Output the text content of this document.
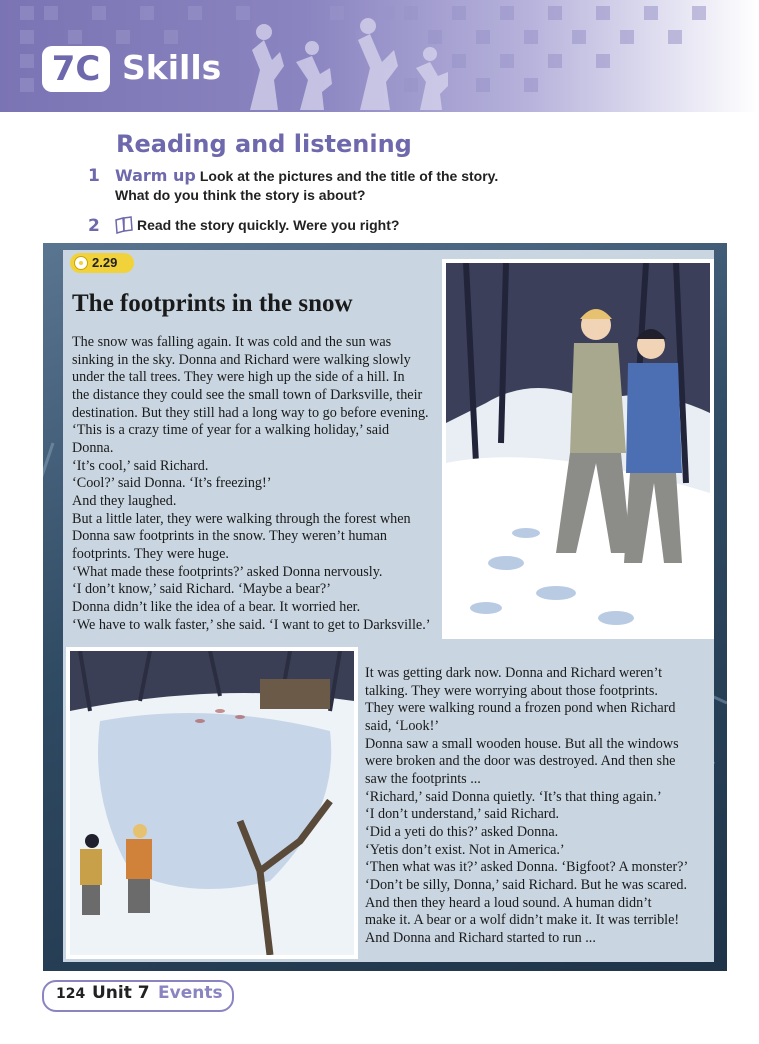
7C Skills
Reading and listening
1 Warm up Look at the pictures and the title of the story.
What do you think the story is about?
2	Read the story quickly. Were you right?
2.29
The footprints in the snow
The snow was falling again. It was cold and the sun was
sinking in the sky. Donna and Richard were walking slowly
under the tall trees. They were high up the side of a hill. In
the distance they could see the small town of Darksville, their
destination. But they still had a long way to go before evening.
‘This is a crazy time of year for a walking holiday,’ said
Donna.
‘It’s cool,’ said Richard.
‘Cool?’ said Donna. ‘It’s freezing!’
And they laughed.
But a little later, they were walking through the forest when
Donna saw footprints in the snow. They weren’t human
footprints. They were huge.
‘What made these footprints?’ asked Donna nervously.
‘I don’t know,’ said Richard. ‘Maybe a bear?’
Donna didn’t like the idea of a bear. It worried her.
‘We have to walk faster,’ she said. ‘I want to get to Darksville.’
It was getting dark now. Donna and Richard weren’t
talking. They were worrying about those footprints.
They were walking round a frozen pond when Richard
said, ‘Look!’
Donna saw a small wooden house. But all the windows
were broken and the door was destroyed. And then she
saw the footprints ...
‘Richard,’ said Donna quietly. ‘It’s that thing again.’
‘I don’t understand,’ said Richard.
‘Did a yeti do this?’ asked Donna.
‘Yetis don’t exist. Not in America.’
‘Then what was it?’ asked Donna. ‘Bigfoot? A monster?’
‘Don’t be silly, Donna,’ said Richard. But he was scared.
And then they heard a loud sound. A human didn’t
make it. A bear or a wolf didn’t make it. It was terrible!
And Donna and Richard started to run ...
124 Unit 7 Events
